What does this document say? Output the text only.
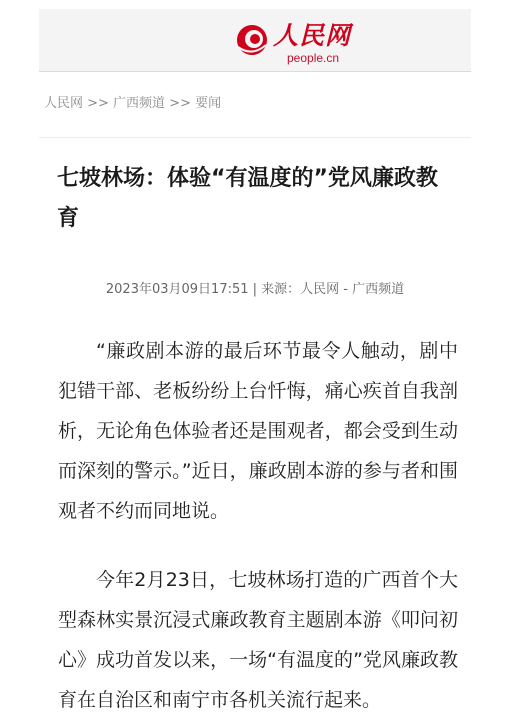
人民网
people.cn
人民网 >> 广西频道 >> 要闻
七坡林场：体验“有温度的”党风廉政教育
2023年03月09日17:51 | 来源：人民网 - 广西频道

“廉政剧本游的最后环节最令人触动，剧中犯错干部、老板纷纷上台忏悔，痛心疾首自我剖析，无论角色体验者还是围观者，都会受到生动而深刻的警示。”近日，廉政剧本游的参与者和围观者不约而同地说。

今年2月23日，七坡林场打造的广西首个大型森林实景沉浸式廉政教育主题剧本游《叩问初心》成功首发以来，一场“有温度的”党风廉政教育在自治区和南宁市各机关流行起来。
